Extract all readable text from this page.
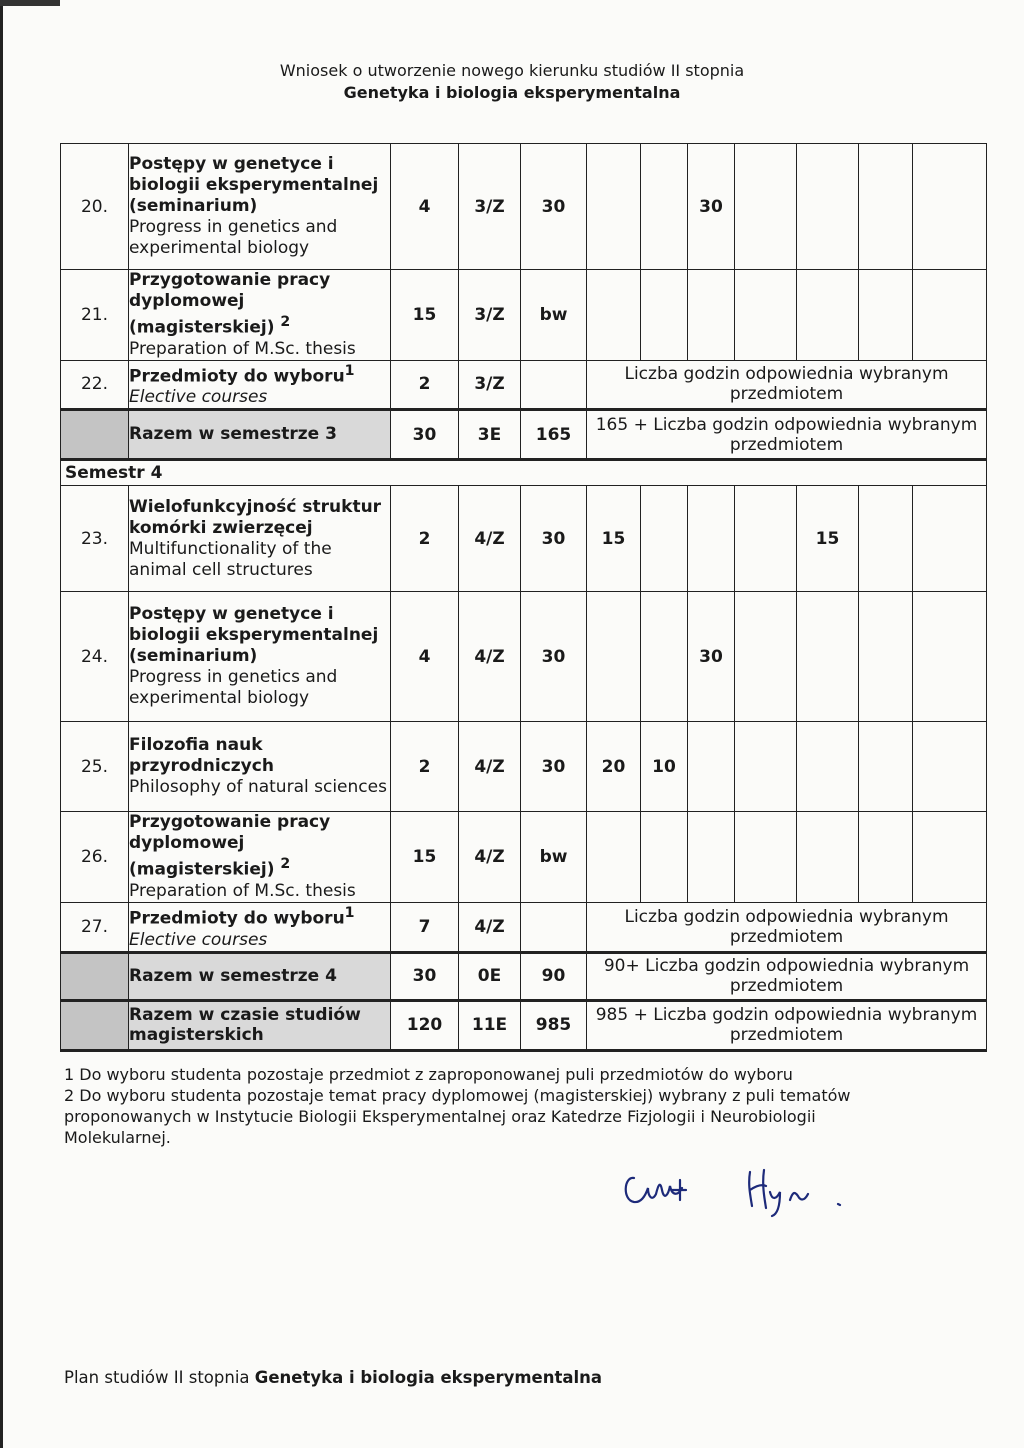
Wniosek o utworzenie nowego kierunku studiów II stopnia
Genetyka i biologia eksperymentalna
20.	Postępy w genetyce i biologii eksperymentalnej (seminarium)
Progress in genetics and experimental biology	4	3/Z	30			30				
21.	Przygotowanie pracy dyplomowej (magisterskiej) $^2$
Preparation of M.Sc. thesis	15	3/Z	bw							
22.	Przedmioty do wyboru$^1$
Elective courses	2	3/Z		Liczba godzin odpowiednia wybranym przedmiotem						
	Razem w semestrze 3	30	3E	165	165 + Liczba godzin odpowiednia wybranym przedmiotem						
Semestr 4											
23.	Wielofunkcyjność struktur komórki zwierzęcej
Multifunctionality of the animal cell structures	2	4/Z	30	15				15		
24.	Postępy w genetyce i biologii eksperymentalnej (seminarium)
Progress in genetics and experimental biology	4	4/Z	30			30				
25.	Filozofia nauk przyrodniczych
Philosophy of natural sciences	2	4/Z	30	20	10					
26.	Przygotowanie pracy dyplomowej (magisterskiej) $^2$
Preparation of M.Sc. thesis	15	4/Z	bw							
27.	Przedmioty do wyboru$^1$
Elective courses	7	4/Z		Liczba godzin odpowiednia wybranym przedmiotem						
	Razem w semestrze 4	30	0E	90	90+ Liczba godzin odpowiednia wybranym przedmiotem						
	Razem w czasie studiów magisterskich	120	11E	985	985 + Liczba godzin odpowiednia wybranym przedmiotem						
1 Do wyboru studenta pozostaje przedmiot z zaproponowanej puli przedmiotów do wyboru
2 Do wyboru studenta pozostaje temat pracy dyplomowej (magisterskiej) wybrany z puli tematów proponowanych w Instytucie Biologii Eksperymentalnej oraz Katedrze Fizjologii i Neurobiologii Molekularnej.
Plan studiów II stopnia Genetyka i biologia eksperymentalna
